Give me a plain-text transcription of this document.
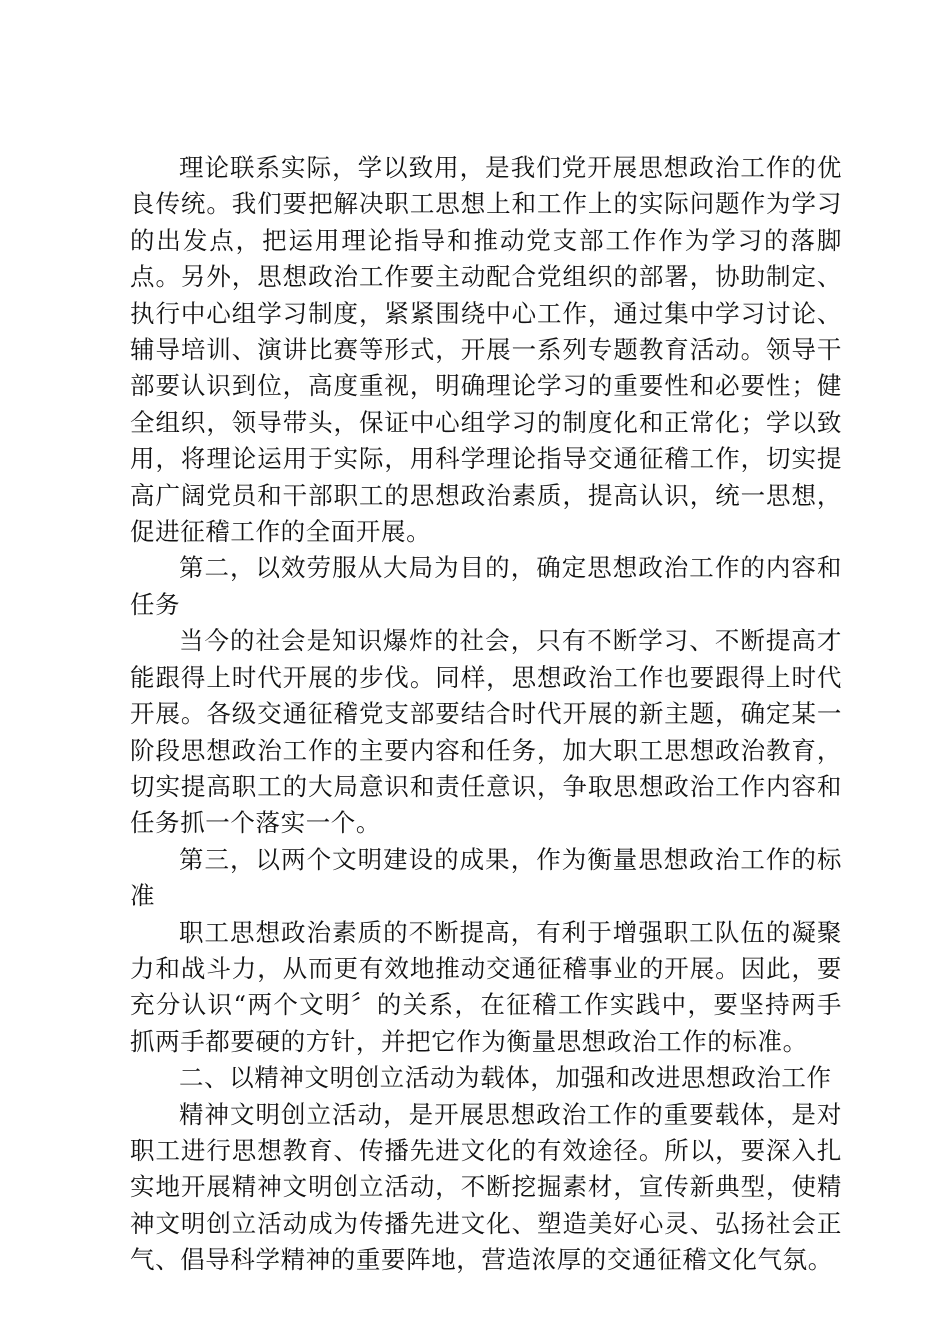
理论联系实际，学以致用，是我们党开展思想政治工作的优良传统。我们要把解决职工思想上和工作上的实际问题作为学习的出发点，把运用理论指导和推动党支部工作作为学习的落脚点。另外，思想政治工作要主动配合党组织的部署，协助制定、执行中心组学习制度，紧紧围绕中心工作，通过集中学习讨论、辅导培训、演讲比赛等形式，开展一系列专题教育活动。领导干部要认识到位，高度重视，明确理论学习的重要性和必要性；健全组织，领导带头，保证中心组学习的制度化和正常化；学以致用，将理论运用于实际，用科学理论指导交通征稽工作，切实提高广阔党员和干部职工的思想政治素质，提高认识，统一思想，促进征稽工作的全面开展。

第二，以效劳服从大局为目的，确定思想政治工作的内容和任务

当今的社会是知识爆炸的社会，只有不断学习、不断提高才能跟得上时代开展的步伐。同样，思想政治工作也要跟得上时代开展。各级交通征稽党支部要结合时代开展的新主题，确定某一阶段思想政治工作的主要内容和任务，加大职工思想政治教育，切实提高职工的大局意识和责任意识，争取思想政治工作内容和任务抓一个落实一个。

第三，以两个文明建设的成果，作为衡量思想政治工作的标准

职工思想政治素质的不断提高，有利于增强职工队伍的凝聚力和战斗力，从而更有效地推动交通征稽事业的开展。因此，要充分认识“两个文明〞的关系，在征稽工作实践中，要坚持两手抓两手都要硬的方针，并把它作为衡量思想政治工作的标准。

二、以精神文明创立活动为载体，加强和改进思想政治工作

精神文明创立活动，是开展思想政治工作的重要载体，是对职工进行思想教育、传播先进文化的有效途径。所以，要深入扎实地开展精神文明创立活动，不断挖掘素材，宣传新典型，使精神文明创立活动成为传播先进文化、塑造美好心灵、弘扬社会正气、倡导科学精神的重要阵地，营造浓厚的交通征稽文化气氛。
